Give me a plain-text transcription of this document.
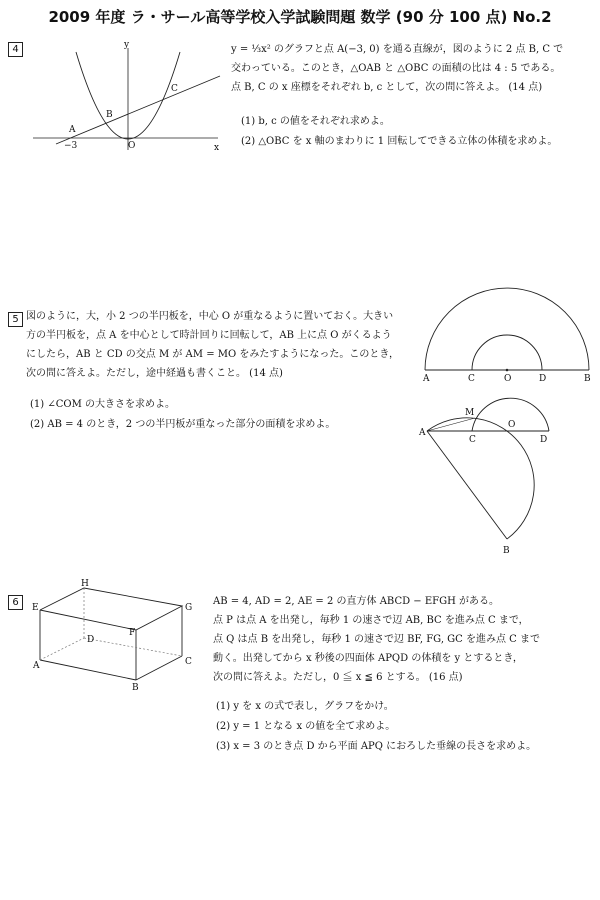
2009 年度 ラ・サール高等学校入学試験問題 数学 (90 分 100 点) No.2
4	y
x
A
B
C
O
−3

y = ⅓x² のグラフと点 A(−3, 0) を通る直線が，図のように 2 点 B, C で

交わっている。このとき，△OAB と △OBC の面積の比は 4 : 5 である。

点 B, C の x 座標をそれぞれ b, c として，次の問に答えよ。 (14 点)

(1) b, c の値をそれぞれ求めよ。

(2) △OBC を x 軸のまわりに 1 回転してできる立体の体積を求めよ。

5 図のように，大，小 2 つの半円板を，中心 O が重なるように置いておく。大きい

方の半円板を，点 A を中心として時計回りに回転して，AB 上に点 O がくるよう

にしたら，AB と CD の交点 M が AM = MO をみたすようになった。このとき，

次の問に答えよ。ただし，途中経過も書くこと。 (14 点)

(1) ∠COM の大きさを求めよ。

(2) AB = 4 のとき，2 つの半円板が重なった部分の面積を求めよ。

A	C	O	D	B
A
M
C
O
D
B
6
H
E	G
F
D
A	C
B

AB = 4, AD = 2, AE = 2 の直方体 ABCD − EFGH がある。

点 P は点 A を出発し，毎秒 1 の速さで辺 AB, BC を進み点 C まで，

点 Q は点 B を出発し，毎秒 1 の速さで辺 BF, FG, GC を進み点 C まで

動く。出発してから x 秒後の四面体 APQD の体積を y とするとき，

次の問に答えよ。ただし，0 ≦ x ≦ 6 とする。 (16 点)

(1) y を x の式で表し，グラフをかけ。

(2) y = 1 となる x の値を全て求めよ。

(3) x = 3 のとき点 D から平面 APQ におろした垂線の長さを求めよ。
